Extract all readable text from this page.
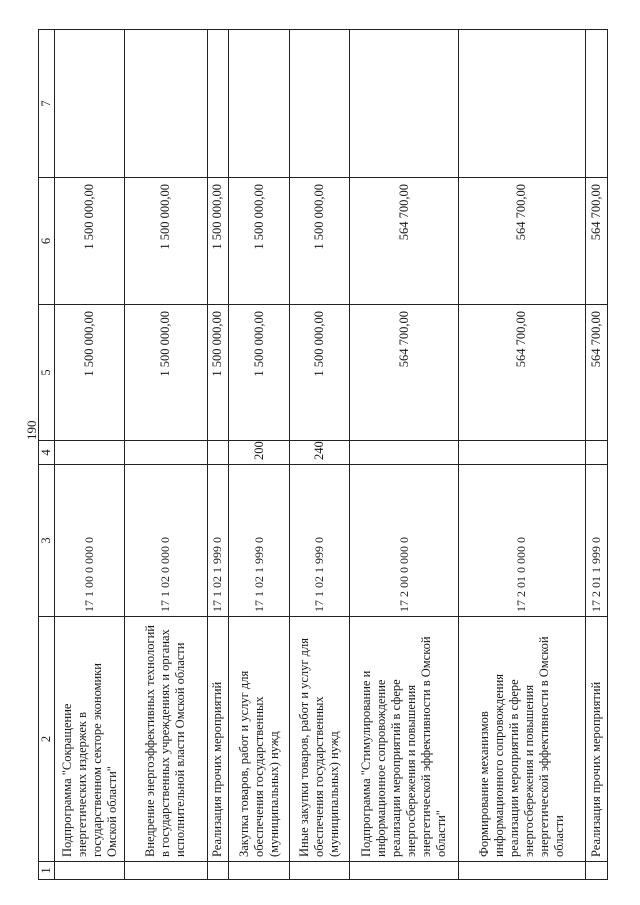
190
1	2	3	4	5	6	7
	Подпрограмма "Сокращение энергетических издержек в государственном секторе экономики Омской области"	17 1 00 0 000 0		1 500 000,00	1 500 000,00	
	Внедрение энергоэффективных технологий в государственных учреждениях и органах исполнительной власти Омской области	17 1 02 0 000 0		1 500 000,00	1 500 000,00	
	Реализация прочих мероприятий	17 1 02 1 999 0		1 500 000,00	1 500 000,00	
	Закупка товаров, работ и услуг для обеспечения государственных (муниципальных) нужд	17 1 02 1 999 0	200	1 500 000,00	1 500 000,00	
	Иные закупки товаров, работ и услуг для обеспечения государственных (муниципальных) нужд	17 1 02 1 999 0	240	1 500 000,00	1 500 000,00	
	Подпрограмма "Стимулирование и информационное сопровождение реализации мероприятий в сфере энергосбережения и повышения энергетической эффективности в Омской области"	17 2 00 0 000 0		564 700,00	564 700,00	
	Формирование механизмов информационного сопровождения реализации мероприятий в сфере энергосбережения и повышения энергетической эффективности в Омской области	17 2 01 0 000 0		564 700,00	564 700,00	
	Реализация прочих мероприятий	17 2 01 1 999 0		564 700,00	564 700,00	
